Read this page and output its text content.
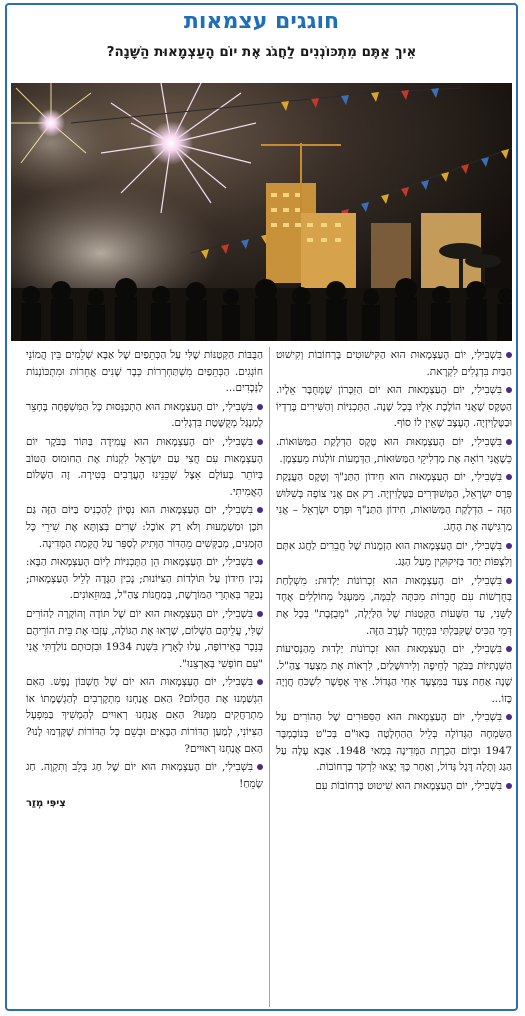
חוגגים עצמאות
אֵיךְ אַתֶּם מִתְכּוֹנְנִים לַחֲגֹג אֶת יוֹם הָעַצְמָאוּת הַשָּׁנָה?

בִּשְׁבִילִי, יוֹם הָעַצְמָאוּת הוּא הַקִּישׁוּטִים בָּרְחוֹבוֹת וְקִישׁוּט הַבַּיִת בִּדְגָלִים לִקְרָאת.

בִּשְׁבִילִי, יוֹם הָעַצְמָאוּת הוּא יוֹם הַזִּכָּרוֹן שֶׁמְּחֻבָּר אֵלָיו. הַטֶּקֶס שֶׁאֲנִי הוֹלֶכֶת אֵלָיו בְּכָל שָׁנָה. הַתָּכְנִיּוֹת וְהַשִּׁירִים בָּרַדְיוֹ וּבַטֶּלֶוִיזְיָה. הָעֶצֶב שֶׁאֵין לוֹ סוֹף.

בִּשְׁבִילִי, יוֹם הָעַצְמָאוּת הוּא טֶקֶס הַדְלָקַת הַמַּשּׂוּאוֹת. כְּשֶׁאֲנִי רוֹאָה אֶת מַדְלִיקֵי הַמַּשּׂוּאוֹת, הַדְּמָעוֹת זוֹלְגוֹת מֵעַצְמָן.

בִּשְׁבִילִי, יוֹם הָעַצְמָאוּת הוּא חִידוֹן הַתַּנַ"ךְ וְטֶקֶס הַעֲנָקַת פְּרַס יִשְׂרָאֵל, הַמְּשׁוּדָרִים בַּטֶּלֶוִיזְיָה. רַק אִם אֲנִי צוֹפָה בְּשִׁלּוּשׁ הַזֶּה – הַדְלָקַת הַמַּשּׂוּאוֹת, חִידוֹן הַתַּנַ"ךְ וּפְרַס יִשְׂרָאֵל – אֲנִי מַרְגִּישָׁה אֶת הֶחָג.

בִּשְׁבִילִי, יוֹם הָעַצְמָאוּת הוּא הַזְמָנוֹת שֶׁל חֲבֵרִים לַחֲגֹג אִתָּם וְלִצְפּוֹת יַחַד בַּזִּיקוּקִין מֵעַל הַגַּג.

בִּשְׁבִילִי, יוֹם הָעַצְמָאוּת הוּא זִכְרוֹנוֹת יַלְדוּת: מִשְׁלַחַת בְּחֻרְשׁוֹת עִם חֲבֵרוֹת מִכִּתָּה לְבִמָּה, מִמַּעְגַּל מְחוֹלְלִים אֶחָד לַשֵּׁנִי, עַד הַשָּׁעוֹת הַקְּטַנּוֹת שֶׁל הַלַּיְלָה, "מְבֻזֶּבֶת" בְּכָל אֶת דְּמֵי הַכִּיס שֶׁקִּבַּלְתִּי בִּמְיֻחָד לְעֶרֶב הַזֶּה.

בִּשְׁבִילִי, יוֹם הָעַצְמָאוּת הוּא זִכְרוֹנוֹת יַלְדוּת מֵהַנְּסִיעוֹת הַשְּׁנָתִיּוֹת בַּבֹּקֶר לְחֵיפָה וְלִירוּשָׁלַיִם, לִרְאוֹת אֶת מִצְעַד צַהַ"ל. שָׁנָה אַחַת צָעַד בַּמִּצְעָד אָחִי הַגָּדוֹל. אֵיךְ אֶפְשָׁר לִשְׁכֹּחַ חֲוָיָה כָּזוֹ...

בִּשְׁבִילִי, יוֹם הָעַצְמָאוּת הוּא הַסִּפּוּרִים שֶׁל הַהוֹרִים עַל הַשִּׂמְחָה הַגְּדוֹלָה בְּלֵיל הַהַחְלָטָה בָּאוּ"ם בְּכ"ט בְּנוֹבֶמְבֶּר 1947 וּבְיוֹם הַכְרָזַת הַמְּדִינָה בְּמַאי 1948. אַבָּא עָלָה עַל הַגַּג וְתָלָה דֶּגֶל גָּדוֹל, וְאַחַר כָּךְ יָצְאוּ לִרְקֹד בָּרְחוֹבוֹת.

בִּשְׁבִילִי, יוֹם הָעַצְמָאוּת הוּא שִׁיטוּט בָּרְחוֹבוֹת עִם

הַבֻּבּוֹת הַקְּטַנּוֹת שֶׁלִּי עַל הַכְּתֵפַיִם שֶׁל אַבָּא שְׁלֵמִים בֵּין הֲמוֹנֵי חוֹגְגִים. הַכְּתֵפַיִם מִשְׁתַּחְרְרוֹת כְּבָר שָׁנִים אֲחֵרוֹת וּמִתְכּוֹנְנוֹת לַנְּכָדִים...

בִּשְׁבִילִי, יוֹם הָעַצְמָאוּת הוּא הַתְכַּנְּסוּת כָּל הַמִּשְׁפָּחָה בֶּחָצֵר לְמַנְגַּל מְקֻשֶּׁטֶת בִּדְגָלִים.

בִּשְׁבִילִי, יוֹם הָעַצְמָאוּת הוּא עֲמִידָה בַּתּוֹר בַּבֹּקֶר יוֹם הָעַצְמָאוּת עִם חֲצִי עַם יִשְׂרָאֵל לִקְנוֹת אֶת הַחוּמוּס הַטּוֹב בְּיוֹתֵר בָּעוֹלָם אֵצֶל שְׁכֵנֵינוּ הָעֲרָבִים בְּטִירָה. זֶה הַשָּׁלוֹם הָאֲמִיתִי.

בִּשְׁבִילִי, יוֹם הָעַצְמָאוּת הוּא נִסָּיוֹן לְהַכְנִיס בַּיּוֹם הַזֶּה גַּם תֹּכֶן וּמַשְׁמָעוּת וְלֹא רַק אוֹכֶל: שָׁרִים בְּצַוְתָּא אֶת שִׁירֵי כָּל הַזְּמַנִּים, מְבַקְּשִׁים מֵהַדּוֹר הַוָּתִיק לְסַפֵּר עַל הֲקָמַת הַמְּדִינָה.

בִּשְׁבִילִי, יוֹם הָעַצְמָאוּת הֵן הַתָּכְנִיּוֹת לְיוֹם הָעַצְמָאוּת הַבָּא: נָכִין חִידוֹן עַל תּוֹלְדוֹת הַצִּיּוֹנוּת; נָכִין הַגָּדָה לְלֵיל הָעַצְמָאוּת; נְבַקֵּר בְּאַתְרֵי הַמּוֹרֶשֶׁת, בְּמַחֲנוֹת צַהַ"ל, בַּמּוּזֵאוֹנִים.

בִּשְׁבִילִי, יוֹם הָעַצְמָאוּת הוּא יוֹם שֶׁל תּוֹדָה וְהוֹקָרָה לַהוֹרִים שֶׁלִּי, עֲלֵיהֶם הַשָּׁלוֹם, שֶׁרָאוּ אֶת הַגּוֹלָה, עָזְבוּ אֶת בֵּית הוֹרֵיהֶם בְּנֵכָר בְּאֵירוֹפָּה, עָלוּ לָאָרֶץ בִּשְׁנַת 1934 וּבִזְכוּתָם נוֹלַדְתִּי אֲנִי "עִם חוֹפְשִׁי בְּאַרְצֵנוּ".

בִּשְׁבִילִי, יוֹם הָעַצְמָאוּת הוּא יוֹם שֶׁל חֶשְׁבּוֹן נֶפֶשׁ. הַאִם הִגְשַׁמְנוּ אֶת הַחֲלוֹם? הַאִם אֲנַחְנוּ מִתְקָרְבִים לְהַגְשָׁמָתוֹ אוֹ מִתְרַחֲקִים מִמֶּנּוּ? הַאִם אֲנַחְנוּ רְאוּיִים לְהַמְשִׁיךְ בַּמִּפְעָל הַצִּיּוֹנִי, לְמַעַן הַדּוֹרוֹת הַבָּאִים וּבְשֵׁם כָּל הַדּוֹרוֹת שֶׁקָּדְמוּ לָנוּ? הַאִם אֲנַחְנוּ רְאוּיִים?

בִּשְׁבִילִי, יוֹם הָעַצְמָאוּת הוּא יוֹם שֶׁל חַג בְּלֵב וְתִקְוָה. חַג שָׂמֵחַ!

צִיפִּי מְזַר
